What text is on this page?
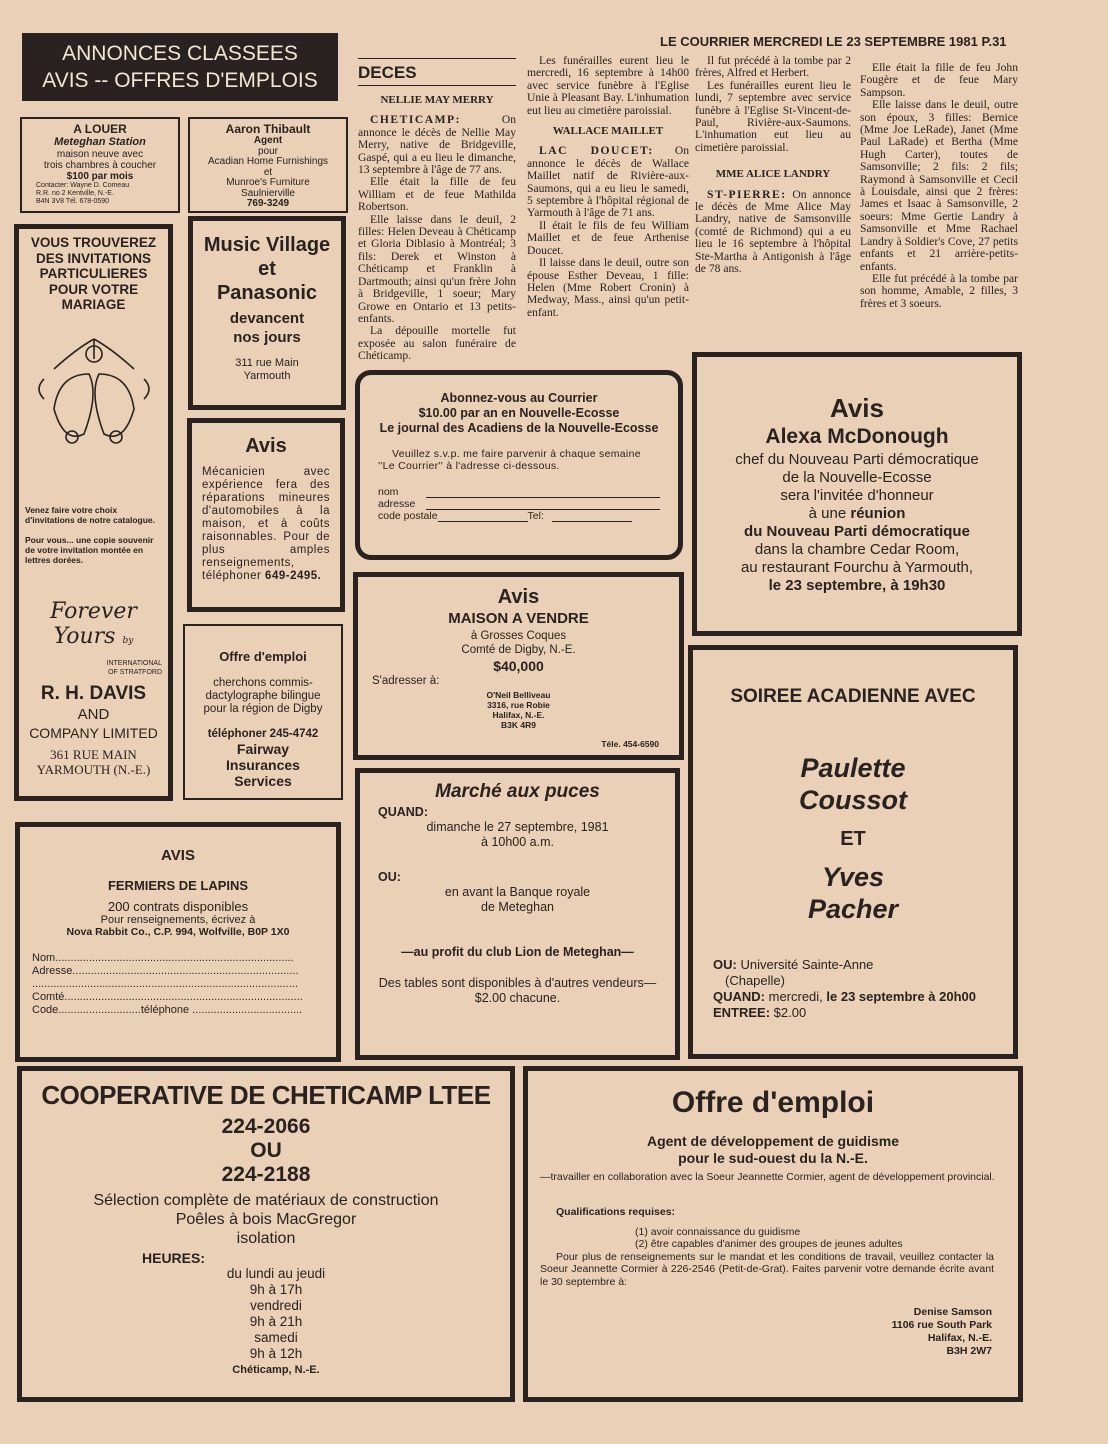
LE COURRIER MERCREDI LE 23 SEPTEMBRE 1981 P.31
ANNONCES CLASSEES
AVIS -- OFFRES D'EMPLOIS
A LOUER
Meteghan Station
maison neuve avec
trois chambres à coucher
$100 par mois
Contacter: Wayne D. Comeau
R.R. no 2 Kentville, N.-E.
B4N 3V8 Tél. 678-0590
Aaron Thibault
Agent
pour
Acadian Home Furnishings
et
Munroe's Furniture
Saulnierville
769-3249
VOUS TROUVEREZ DES INVITATIONS PARTICULIERES POUR VOTRE MARIAGE
Venez faire votre choix d'invitations de notre catalogue.
Pour vous... une copie souvenir de votre invitation montée en lettres dorées.
Forever Yours by
INTERNATIONAL
OF STRATFORD
R. H. DAVIS
AND
COMPANY LIMITED
361 RUE MAIN
YARMOUTH (N.-E.)
Music Village
et
Panasonic
devancent
nos jours
311 rue Main
Yarmouth
Avis
Mécanicien avec expérience fera des réparations mineures d'automobiles à la maison, et à coûts raisonnables. Pour de plus amples renseignements, téléphoner 649-2495.
Offre d'emploi
cherchons commis-
dactylographe bilingue
pour la région de Digby
téléphoner 245-4742
Fairway
Insurances
Services
AVIS
FERMIERS DE LAPINS
200 contrats disponibles
Pour renseignements, écrivez à
Nova Rabbit Co., C.P. 994, Wolfville, B0P 1X0
Nom..............................................................................
Adresse..........................................................................
.......................................................................................
Comté..............................................................................
Code...........................téléphone ....................................
DECES
NELLIE MAY MERRY

CHETICAMP: On annonce le décès de Nellie May Merry, native de Bridgeville, Gaspé, qui a eu lieu le dimanche, 13 septembre à l'âge de 77 ans.

Elle était la fille de feu William et de feue Mathilda Robertson.

Elle laisse dans le deuil, 2 filles: Helen Deveau à Chéticamp et Gloria Diblasio à Montréal; 3 fils: Derek et Winston à Chéticamp et Franklin à Dartmouth; ainsi qu'un frère John à Bridgeville, 1 soeur; Mary Growe en Ontario et 13 petits-enfants.

La dépouille mortelle fut exposée au salon funéraire de Chéticamp.

Les funérailles eurent lieu le mercredi, 16 septembre à 14h00 avec service funèbre à l'Eglise Unie à Pleasant Bay. L'inhumation eut lieu au cimetière paroissial.

WALLACE MAILLET

LAC DOUCET: On annonce le décès de Wallace Maillet natif de Rivière-aux-Saumons, qui a eu lieu le samedi, 5 septembre à l'hôpital régional de Yarmouth à l'âge de 71 ans.

Il était le fils de feu William Maillet et de feue Arthenise Doucet.

Il laisse dans le deuil, outre son épouse Esther Deveau, 1 fille: Helen (Mme Robert Cronin) à Medway, Mass., ainsi qu'un petit-enfant.

Il fut précédé à la tombe par 2 frères, Alfred et Herbert.

Les funérailles eurent lieu le lundi, 7 septembre avec service funèbre à l'Eglise St-Vincent-de-Paul, Rivière-aux-Saumons. L'inhumation eut lieu au cimetière paroissial.

MME ALICE LANDRY

ST-PIERRE: On annonce le décès de Mme Alice May Landry, native de Samsonville (comté de Richmond) qui a eu lieu le 16 septembre à l'hôpital Ste-Martha à Antigonish à l'âge de 78 ans.

Elle était la fille de feu John Fougère et de feue Mary Sampson.

Elle laisse dans le deuil, outre son époux, 3 filles: Bernice (Mme Joe LeRade), Janet (Mme Paul LaRade) et Bertha (Mme Hugh Carter), toutes de Samsonville; 2 fils: 2 fils; Raymond à Samsonville et Cecil à Louisdale, ainsi que 2 frères: James et Isaac à Samsonville, 2 soeurs: Mme Gertie Landry à Samsonville et Mme Rachael Landry à Soldier's Cove, 27 petits enfants et 21 arrière-petits-enfants.

Elle fut précédé à la tombe par son homme, Amable, 2 filles, 3 frères et 3 soeurs.

Abonnez-vous au Courrier
$10.00 par an en Nouvelle-Ecosse
Le journal des Acadiens de la Nouvelle-Ecosse
Veuillez s.v.p. me faire parvenir à chaque semaine ''Le Courrier'' à l'adresse ci-dessous.
nom
adresse
code postale	Tel:
Avis
MAISON A VENDRE
à Grosses Coques
Comté de Digby, N.-E.
$40,000
S'adresser à:
O'Neil Belliveau
3316, rue Robie
Halifax, N.-E.
B3K 4R9
Téle. 454-6590
Marché aux puces
QUAND:
dimanche le 27 septembre, 1981
à 10h00 a.m.
OU:
en avant la Banque royale
de Meteghan
—au profit du club Lion de Meteghan—
Des tables sont disponibles à d'autres vendeurs—$2.00 chacune.
Avis
Alexa McDonough
chef du Nouveau Parti démocratique
de la Nouvelle-Ecosse
sera l'invitée d'honneur
à une réunion
du Nouveau Parti démocratique
dans la chambre Cedar Room,
au restaurant Fourchu à Yarmouth,
le 23 septembre, à 19h30
SOIREE ACADIENNE AVEC
Paulette
Coussot
ET
Yves
Pacher
OU: Université Sainte-Anne
(Chapelle)
QUAND: mercredi, le 23 septembre à 20h00
ENTREE: $2.00
COOPERATIVE DE CHETICAMP LTEE
224-2066
OU
224-2188
Sélection complète de matériaux de construction
Poêles à bois MacGregor
isolation
HEURES:
du lundi au jeudi
9h à 17h
vendredi
9h à 21h
samedi
9h à 12h
Chéticamp, N.-E.
Offre d'emploi
Agent de développement de guidisme
pour le sud-ouest du la N.-E.
—travailler en collaboration avec la Soeur Jeannette Cormier, agent de développement provincial.
Qualifications requises:
(1) avoir connaissance du guidisme
(2) être capables d'animer des groupes de jeunes adultes
Pour plus de renseignements sur le mandat et les conditions de travail, veuillez contacter la Soeur Jeannette Cormier à 226-2546 (Petit-de-Grat). Faites parvenir votre demande écrite avant le 30 septembre à:
Denise Samson
1106 rue South Park
Halifax, N.-E.
B3H 2W7
